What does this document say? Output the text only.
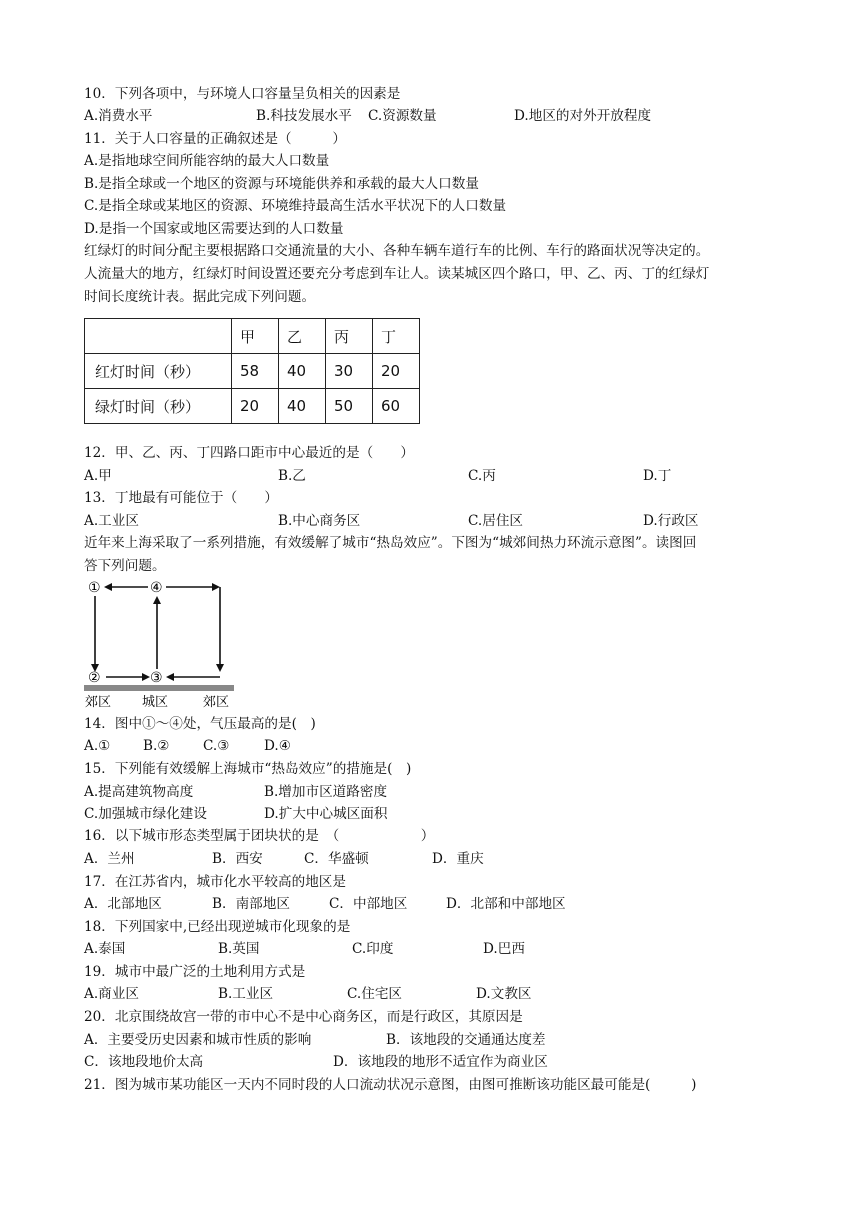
10．下列各项中，与环境人口容量呈负相关的因素是
A.消费水平	B.科技发展水平 C.资源数量	D.地区的对外开放程度
11．关于人口容量的正确叙述是（　　　）
A.是指地球空间所能容纳的最大人口数量
B.是指全球或一个地区的资源与环境能供养和承载的最大人口数量
C.是指全球或某地区的资源、环境维持最高生活水平状况下的人口数量
D.是指一个国家或地区需要达到的人口数量
红绿灯的时间分配主要根据路口交通流量的大小、各种车辆车道行车的比例、车行的路面状况等决定的。
人流量大的地方，红绿灯时间设置还要充分考虑到车让人。读某城区四个路口，甲、乙、丙、丁的红绿灯
时间长度统计表。据此完成下列问题。
	甲	乙	丙	丁
红灯时间（秒）	58	40	30	20
绿灯时间（秒）	20	40	50	60
12．甲、乙、丙、丁四路口距市中心最近的是（　　）
A.甲	B.乙	C.丙	D.丁
13．丁地最有可能位于（　　）
A.工业区	B.中心商务区	C.居住区	D.行政区
近年来上海采取了一系列措施，有效缓解了城市“热岛效应”。下图为“城郊间热力环流示意图”。读图回
答下列问题。
①	④
②	③
郊区 城区	郊区
14．图中①～④处，气压最高的是(　)
A.① B.② C.③	D.④
15．下列能有效缓解上海城市“热岛效应”的措施是(　)
A.提高建筑物高度	B.增加市区道路密度
C.加强城市绿化建设	D.扩大中心城区面积
16．以下城市形态类型属于团块状的是　（　　　　　　）
A．兰州	B．西安	C．华盛顿	D．重庆
17．在江苏省内，城市化水平较高的地区是
A．北部地区	B．南部地区	C．中部地区	D．北部和中部地区
18．下列国家中,已经出现逆城市化现象的是
A.泰国	B.英国	C.印度	D.巴西
19．城市中最广泛的土地利用方式是
A.商业区	B.工业区	C.住宅区	D.文教区
20．北京围绕故宫一带的市中心不是中心商务区，而是行政区，其原因是
A．主要受历史因素和城市性质的影响	B．该地段的交通通达度差
C．该地段地价太高	D．该地段的地形不适宜作为商业区
21．图为城市某功能区一天内不同时段的人口流动状况示意图，由图可推断该功能区最可能是(　　　)
